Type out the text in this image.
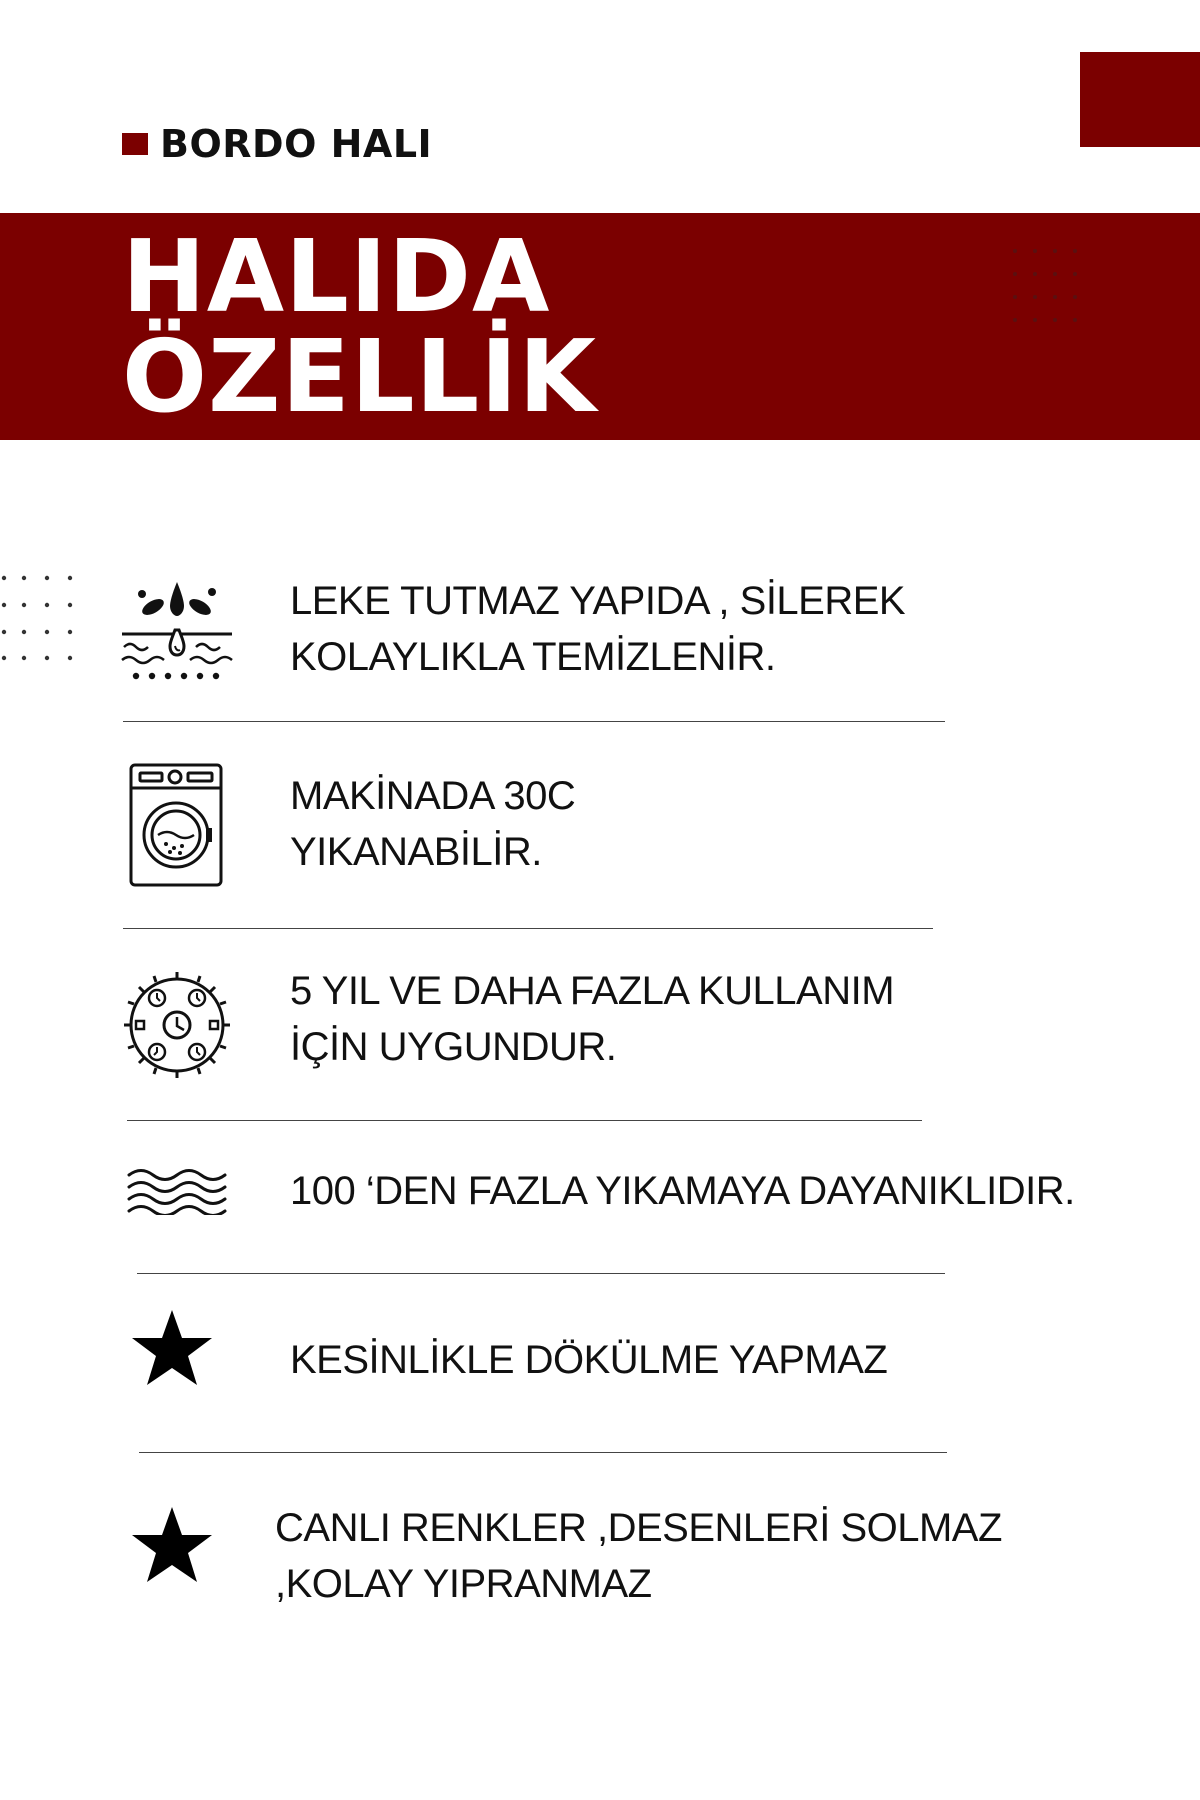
BORDO HALI
HALIDA
ÖZELLİK
LEKE TUTMAZ YAPIDA , SİLEREK
KOLAYLIKLA TEMİZLENİR.
MAKİNADA 30C
YIKANABİLİR.
5 YIL VE DAHA FAZLA KULLANIM
İÇİN UYGUNDUR.
100 ‘DEN FAZLA YIKAMAYA DAYANIKLIDIR.
KESİNLİKLE DÖKÜLME YAPMAZ
CANLI RENKLER ,DESENLERİ SOLMAZ
,KOLAY YIPRANMAZ
